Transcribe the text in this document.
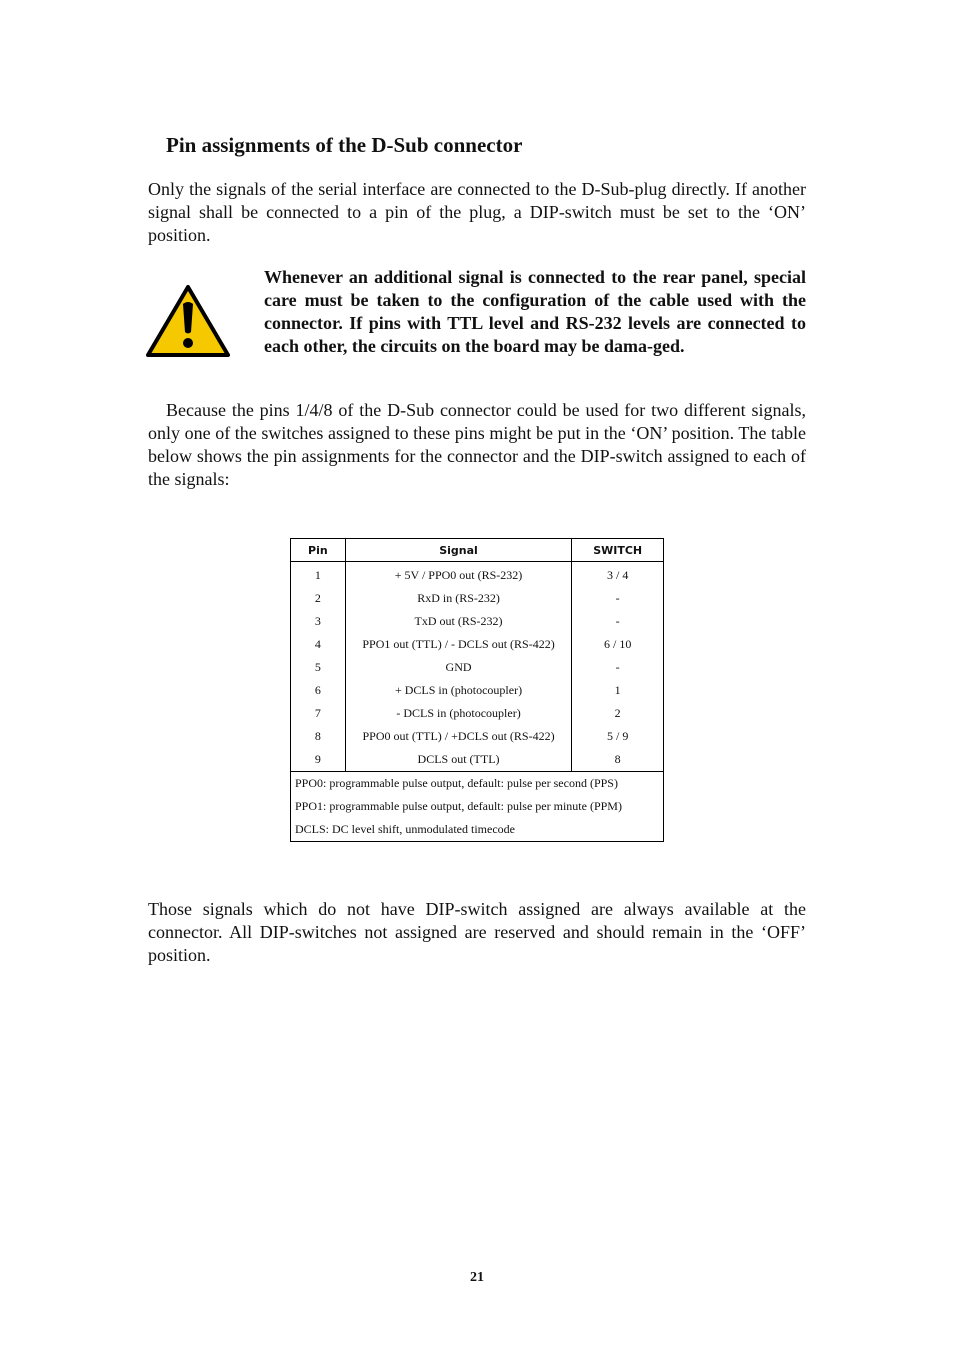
Pin assignments of the D-Sub connector
Only the signals of the serial interface are connected to the D-Sub-plug directly. If another signal shall be connected to a pin of the plug, a DIP-switch must be set to the ‘ON’ position.
Whenever an additional signal is connected to the rear panel, special care must be taken to the configuration of the cable used with the connector. If pins with TTL level and RS-232 levels are connected to each other, the circuits on the board may be dama-ged.
Because the pins 1/4/8 of the D-Sub connector could be used for two different signals, only one of the switches assigned to these pins might be put in the ‘ON’ position. The table below shows the pin assignments for the connector and the DIP-switch assigned to each of the signals:
Pin	Signal	SWITCH
1	+ 5V / PPO0 out (RS-232)	3 / 4
2	RxD in (RS-232)	-
3	TxD out (RS-232)	-
4	PPO1 out (TTL) / - DCLS out (RS-422)	6 / 10
5	GND	-
6	+ DCLS in (photocoupler)	1
7	- DCLS in (photocoupler)	2
8	PPO0 out (TTL) / +DCLS out (RS-422)	5 / 9
9	DCLS out (TTL)	8
PPO0: programmable pulse output, default: pulse per second (PPS)		
PPO1: programmable pulse output, default: pulse per minute (PPM)		
DCLS: DC level shift, unmodulated timecode		
Those signals which do not have DIP-switch assigned are always available at the connector. All DIP-switches not assigned are reserved and should remain in the ‘OFF’ position.
21
